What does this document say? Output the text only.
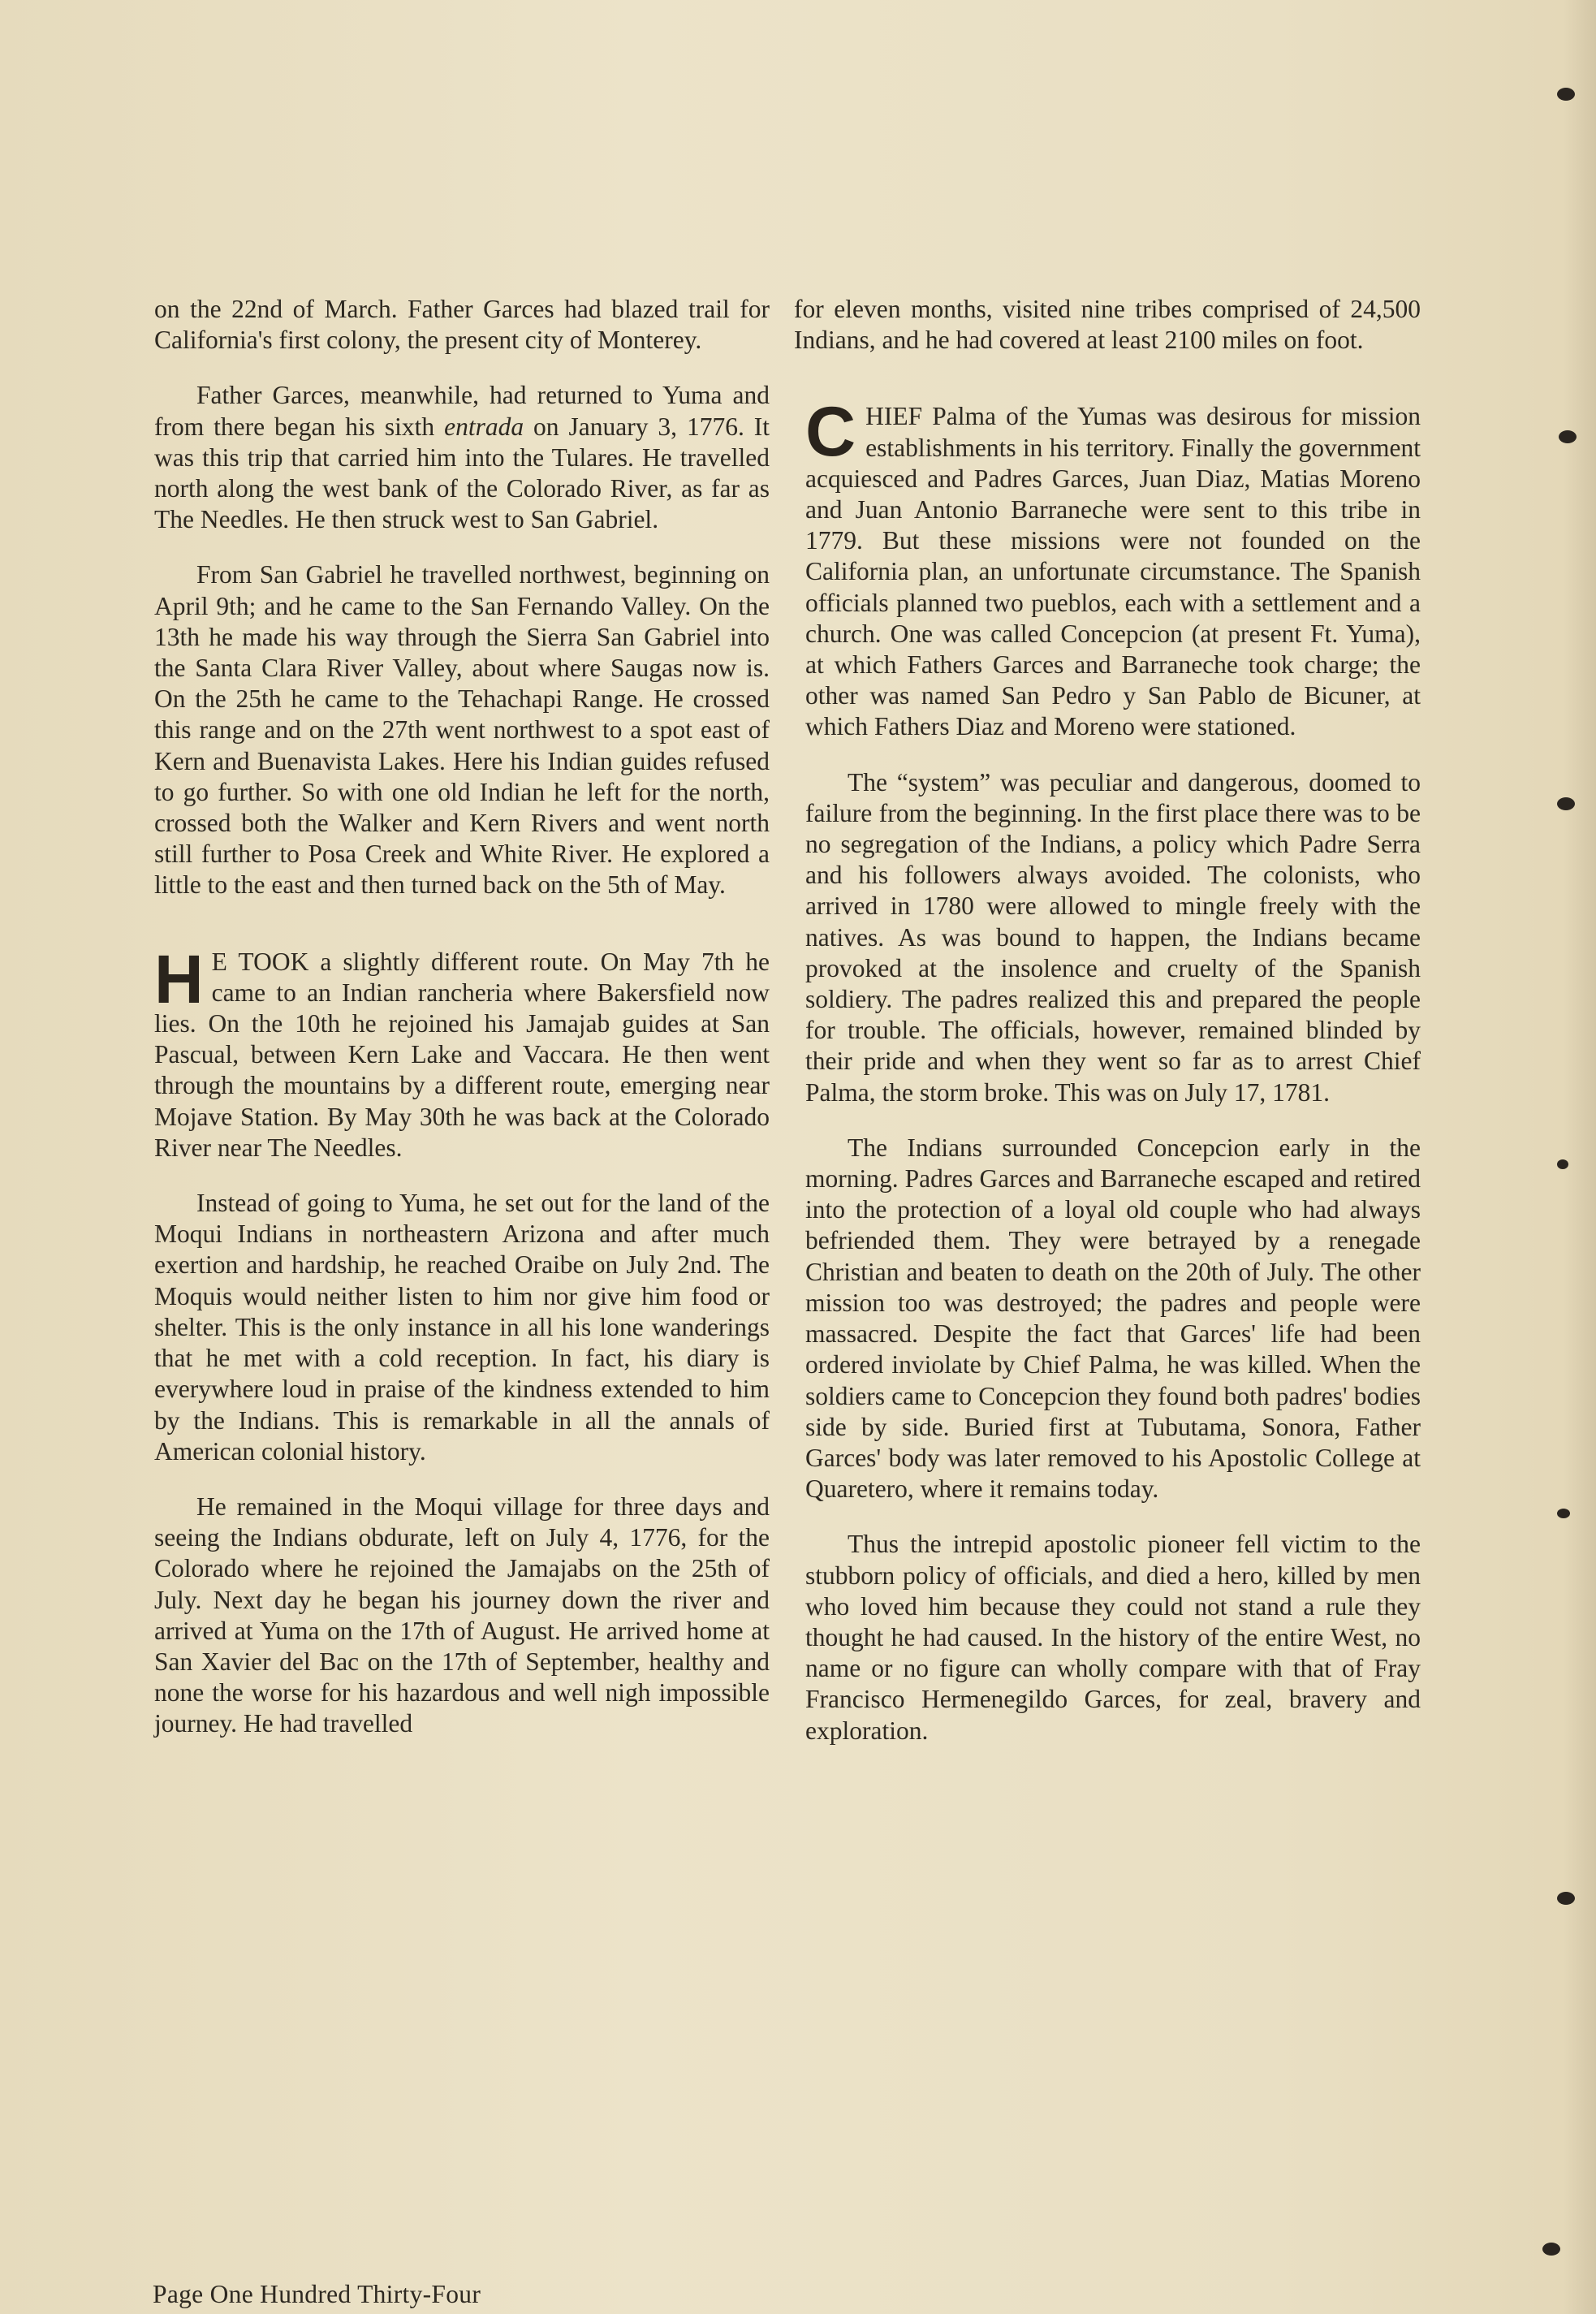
on the 22nd of March. Father Garces had blazed trail for California's first colony, the present city of Monterey.

Father Garces, meanwhile, had returned to Yuma and from there began his sixth entrada on January 3, 1776. It was this trip that carried him into the Tulares. He travelled north along the west bank of the Colorado River, as far as The Needles. He then struck west to San Gabriel.

From San Gabriel he travelled northwest, beginning on April 9th; and he came to the San Fernando Valley. On the 13th he made his way through the Sierra San Gabriel into the Santa Clara River Valley, about where Saugas now is. On the 25th he came to the Tehachapi Range. He crossed this range and on the 27th went northwest to a spot east of Kern and Buenavista Lakes. Here his Indian guides refused to go further. So with one old Indian he left for the north, crossed both the Walker and Kern Rivers and went north still further to Posa Creek and White River. He explored a little to the east and then turned back on the 5th of May.

H E TOOK a slightly different route. On May 7th he came to an Indian rancheria where Bakersfield now lies. On the 10th he rejoined his Jamajab guides at San Pascual, between Kern Lake and Vaccara. He then went through the mountains by a different route, emerging near Mojave Station. By May 30th he was back at the Colorado River near The Needles.

Instead of going to Yuma, he set out for the land of the Moqui Indians in northeastern Arizona and after much exertion and hardship, he reached Oraibe on July 2nd. The Moquis would neither listen to him nor give him food or shelter. This is the only instance in all his lone wanderings that he met with a cold reception. In fact, his diary is everywhere loud in praise of the kindness extended to him by the Indians. This is remarkable in all the annals of American colonial history.

He remained in the Moqui village for three days and seeing the Indians obdurate, left on July 4, 1776, for the Colorado where he rejoined the Jamajabs on the 25th of July. Next day he began his journey down the river and arrived at Yuma on the 17th of August. He arrived home at San Xavier del Bac on the 17th of September, healthy and none the worse for his hazardous and well nigh impossible journey. He had travelled

for eleven months, visited nine tribes comprised of 24,500 Indians, and he had covered at least 2100 miles on foot.

CHIEF Palma of the Yumas was desirous for mission establishments in his territory. Finally the government acquiesced and Padres Garces, Juan Diaz, Matias Moreno and Juan Antonio Barraneche were sent to this tribe in 1779. But these missions were not founded on the California plan, an unfortunate circumstance. The Spanish officials planned two pueblos, each with a settlement and a church. One was called Concepcion (at present Ft. Yuma), at which Fathers Garces and Barraneche took charge; the other was named San Pedro y San Pablo de Bicuner, at which Fathers Diaz and Moreno were stationed.

The “system” was peculiar and dangerous, doomed to failure from the beginning. In the first place there was to be no segregation of the Indians, a policy which Padre Serra and his followers always avoided. The colonists, who arrived in 1780 were allowed to mingle freely with the natives. As was bound to happen, the Indians became provoked at the insolence and cruelty of the Spanish soldiery. The padres realized this and prepared the people for trouble. The officials, however, remained blinded by their pride and when they went so far as to arrest Chief Palma, the storm broke. This was on July 17, 1781.

The Indians surrounded Concepcion early in the morning. Padres Garces and Barraneche escaped and retired into the protection of a loyal old couple who had always befriended them. They were betrayed by a renegade Christian and beaten to death on the 20th of July. The other mission too was destroyed; the padres and people were massacred. Despite the fact that Garces' life had been ordered inviolate by Chief Palma, he was killed. When the soldiers came to Concepcion they found both padres' bodies side by side. Buried first at Tubutama, Sonora, Father Garces' body was later removed to his Apostolic College at Quaretero, where it remains today.

Thus the intrepid apostolic pioneer fell victim to the stubborn policy of officials, and died a hero, killed by men who loved him because they could not stand a rule they thought he had caused. In the history of the entire West, no name or no figure can wholly compare with that of Fray Francisco Hermenegildo Garces, for zeal, bravery and exploration.

Page One Hundred Thirty-Four
